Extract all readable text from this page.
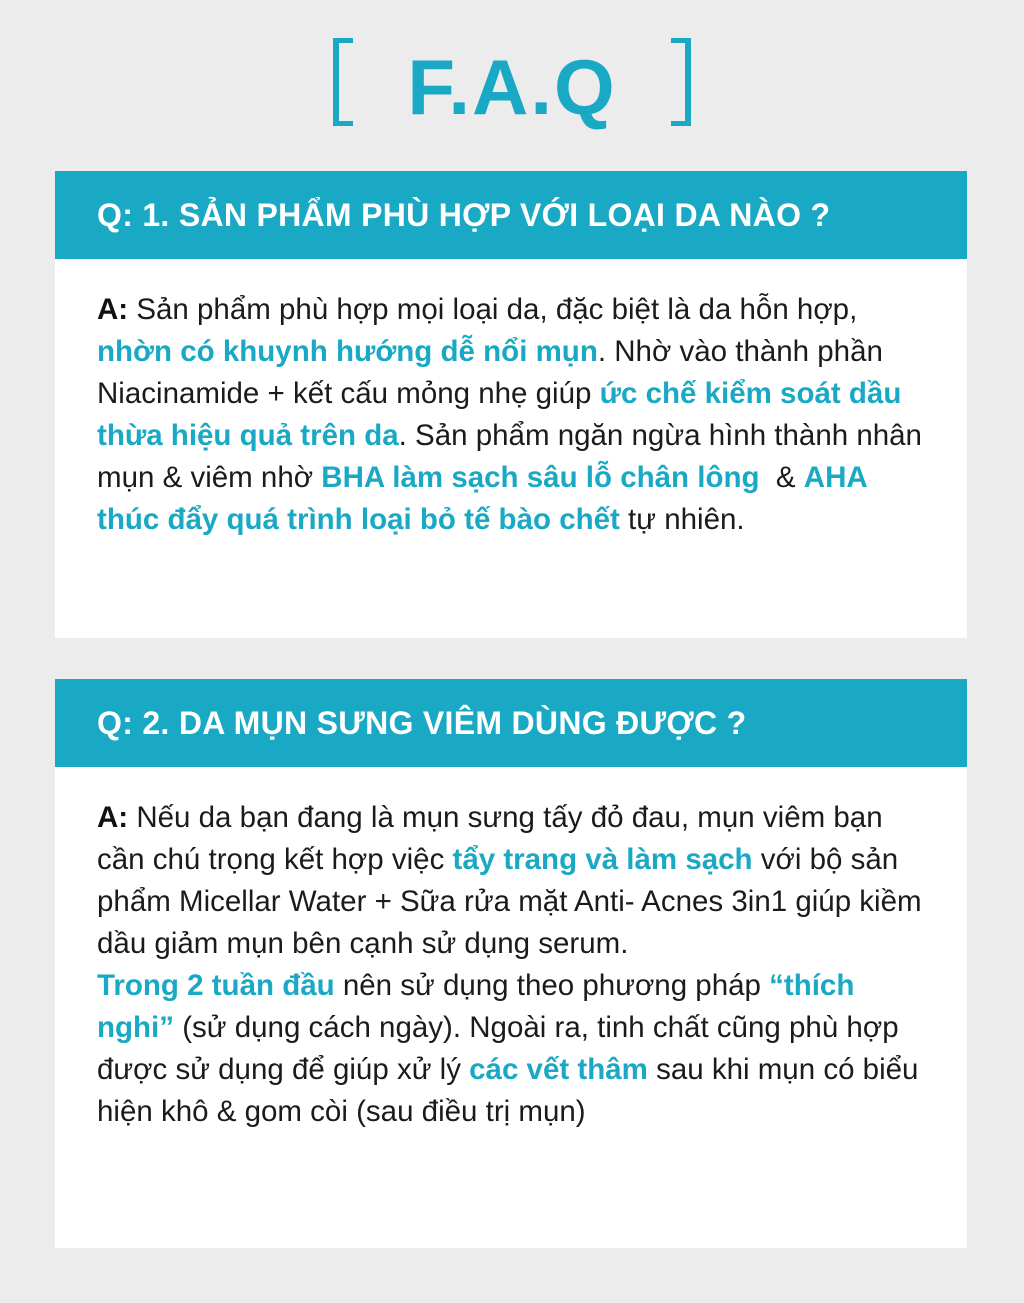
F.A.Q
Q: 1. SẢN PHẨM PHÙ HỢP VỚI LOẠI DA NÀO ?
A: Sản phẩm phù hợp mọi loại da, đặc biệt là da hỗn hợp, nhờn có khuynh hướng dễ nổi mụn. Nhờ vào thành phần Niacinamide + kết cấu mỏng nhẹ giúp ức chế kiểm soát dầu thừa hiệu quả trên da. Sản phẩm ngăn ngừa hình thành nhân mụn & viêm nhờ BHA làm sạch sâu lỗ chân lông  & AHA thúc đẩy quá trình loại bỏ tế bào chết tự nhiên.
Q: 2. DA MỤN SƯNG VIÊM DÙNG ĐƯỢC ?
A: Nếu da bạn đang là mụn sưng tấy đỏ đau, mụn viêm bạn cần chú trọng kết hợp việc tẩy trang và làm sạch với bộ sản phẩm Micellar Water + Sữa rửa mặt Anti- Acnes 3in1 giúp kiềm dầu giảm mụn bên cạnh sử dụng serum.
Trong 2 tuần đầu nên sử dụng theo phương pháp “thích nghi” (sử dụng cách ngày). Ngoài ra, tinh chất cũng phù hợp được sử dụng để giúp xử lý các vết thâm sau khi mụn có biểu hiện khô & gom còi (sau điều trị mụn)
